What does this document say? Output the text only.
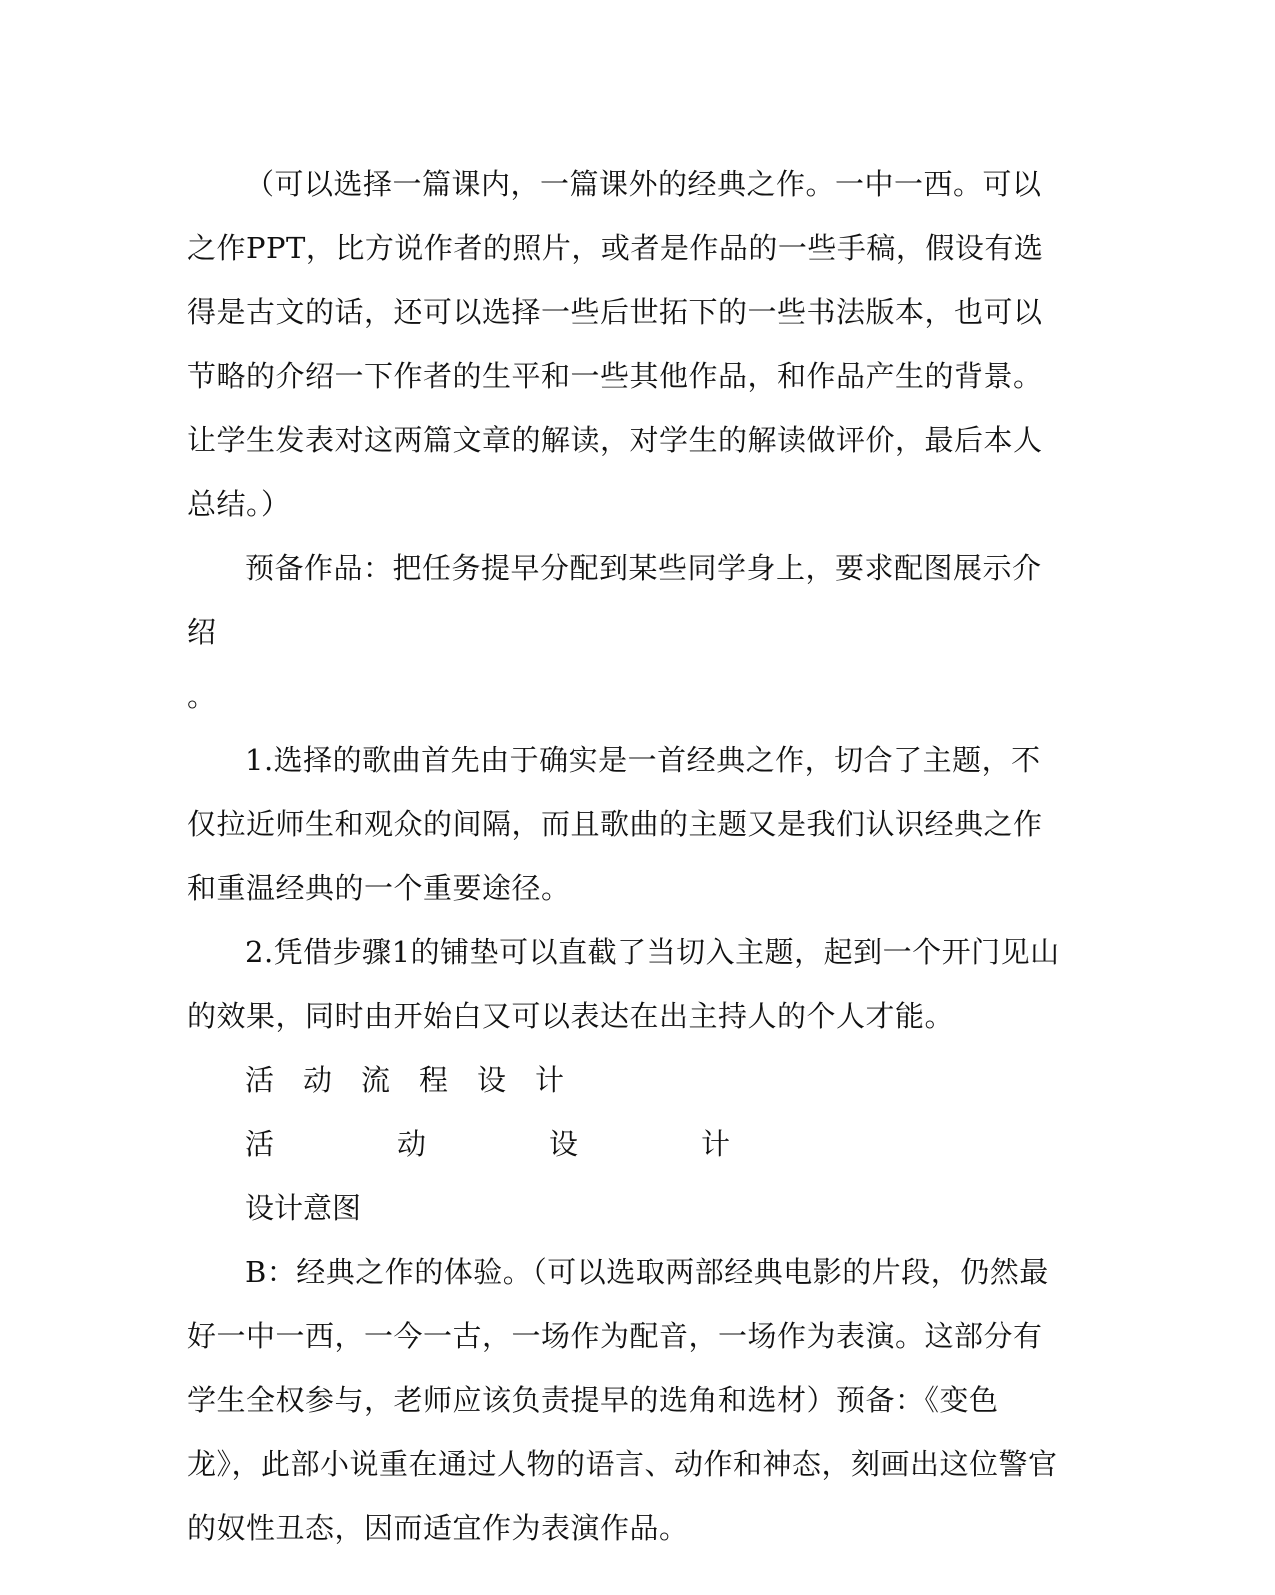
（可以选择一篇课内，一篇课外的经典之作。一中一西。可以之作PPT，比方说作者的照片，或者是作品的一些手稿，假设有选得是古文的话，还可以选择一些后世拓下的一些书法版本，也可以节略的介绍一下作者的生平和一些其他作品，和作品产生的背景。让学生发表对这两篇文章的解读，对学生的解读做评价，最后本人总结。）

预备作品：把任务提早分配到某些同学身上，要求配图展示介绍

。

1.选择的歌曲首先由于确实是一首经典之作，切合了主题，不仅拉近师生和观众的间隔，而且歌曲的主题又是我们认识经典之作和重温经典的一个重要途径。

2.凭借步骤1的铺垫可以直截了当切入主题，起到一个开门见山的效果，同时由开始白又可以表达在出主持人的个人才能。

活 动 流 程 设 计

活	动	设	计

设计意图

B：经典之作的体验。（可以选取两部经典电影的片段，仍然最好一中一西，一今一古，一场作为配音，一场作为表演。这部分有学生全权参与，老师应该负责提早的选角和选材）预备：《变色龙》，此部小说重在通过人物的语言、动作和神态，刻画出这位警官的奴性丑态，因而适宜作为表演作品。
